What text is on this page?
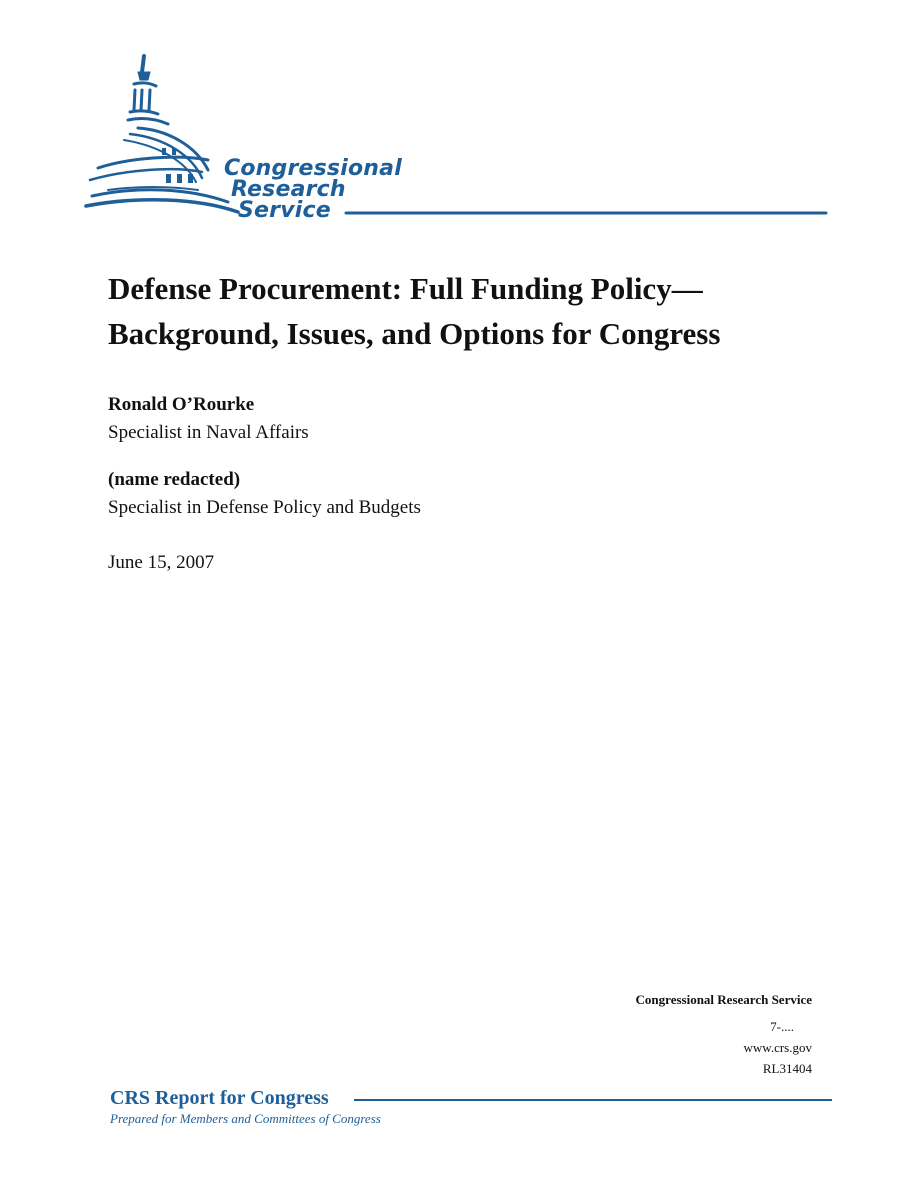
Congressional
Research
Service
Defense Procurement: Full Funding Policy—
Background, Issues, and Options for Congress
Ronald O’Rourke
Specialist in Naval Affairs
(name redacted)
Specialist in Defense Policy and Budgets
June 15, 2007
Congressional Research Service
7-....
www.crs.gov
RL31404
CRS Report for Congress
Prepared for Members and Committees of Congress
